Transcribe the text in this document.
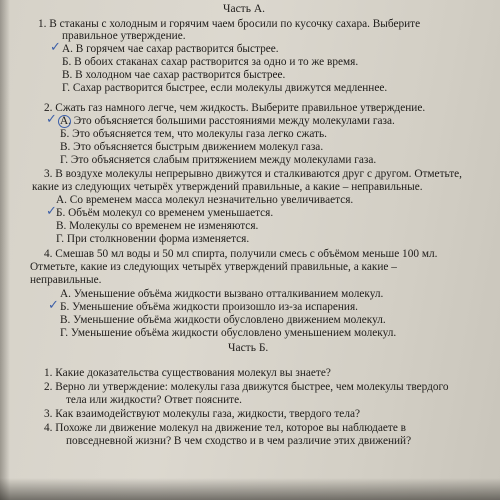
Часть А.
1. В стаканы с холодным и горячим чаем бросили по кусочку сахара. Выберите
правильное утверждение.
А. В горячем чае сахар растворится быстрее.
Б. В обоих стаканах сахар растворится за одно и то же время.
В. В холодном чае сахар растворится быстрее.
Г. Сахар растворится быстрее, если молекулы движутся медленнее.
2. Сжать газ намного легче, чем жидкость. Выберите правильное утверждение.
А. Это объясняется большими расстояниями между молекулами газа.
Б. Это объясняется тем, что молекулы газа легко сжать.
В. Это объясняется быстрым движением молекул газа.
Г. Это объясняется слабым притяжением между молекулами газа.
3. В воздухе молекулы непрерывно движутся и сталкиваются друг с другом. Отметьте,
какие из следующих четырёх утверждений правильные, а какие – неправильные.
А. Со временем масса молекул незначительно увеличивается.
Б. Объём молекул со временем уменьшается.
В. Молекулы со временем не изменяются.
Г. При столкновении форма изменяется.
4. Смешав 50 мл воды и 50 мл спирта, получили смесь с объёмом меньше 100 мл.
Отметьте, какие из следующих четырёх утверждений правильные, а какие –
неправильные.
А. Уменьшение объёма жидкости вызвано отталкиванием молекул.
Б. Уменьшение объёма жидкости произошло из-за испарения.
В. Уменьшение объёма жидкости обусловлено движением молекул.
Г. Уменьшение объёма жидкости обусловлено уменьшением молекул.
Часть Б.
1. Какие доказательства существования молекул вы знаете?
2. Верно ли утверждение: молекулы газа движутся быстрее, чем молекулы твердого
тела или жидкости? Ответ поясните.
3. Как взаимодействуют молекулы газа, жидкости, твердого тела?
4. Похоже ли движение молекул на движение тел, которое вы наблюдаете в
повседневной жизни? В чем сходство и в чем различие этих движений?
✓
✓
✓
✓
